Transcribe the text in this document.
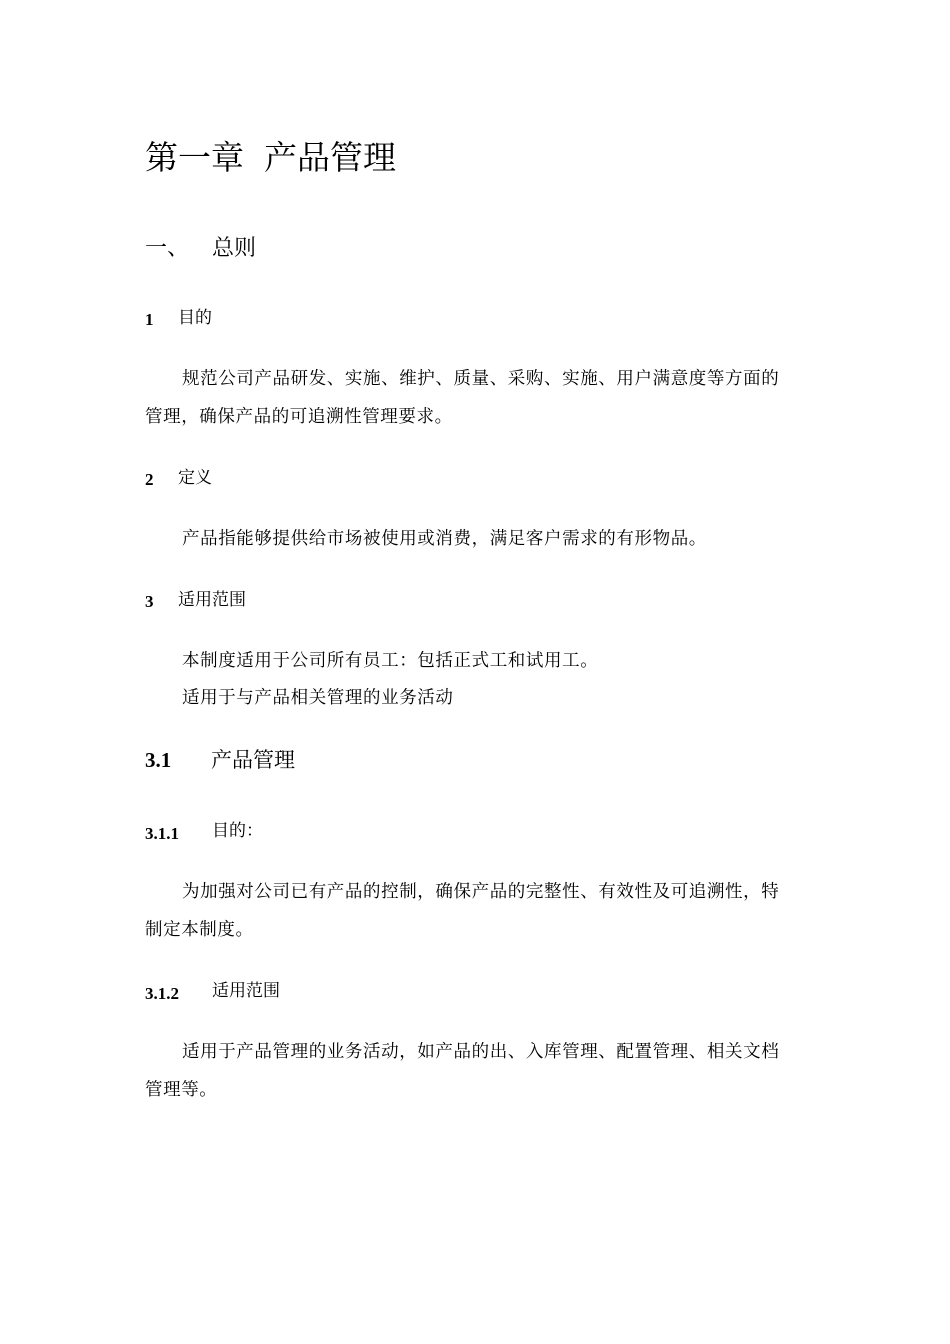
第一章 产品管理
一、 总则
1 目的
规范公司产品研发、实施、维护、质量、采购、实施、用户满意度等方面的
管理，确保产品的可追溯性管理要求。
2 定义
产品指能够提供给市场被使用或消费，满足客户需求的有形物品。
3 适用范围
本制度适用于公司所有员工：包括正式工和试用工。
适用于与产品相关管理的业务活动
3.1 产品管理
3.1.1 目的：
为加强对公司已有产品的控制，确保产品的完整性、有效性及可追溯性，特
制定本制度。
3.1.2 适用范围
适用于产品管理的业务活动，如产品的出、入库管理、配置管理、相关文档
管理等。
